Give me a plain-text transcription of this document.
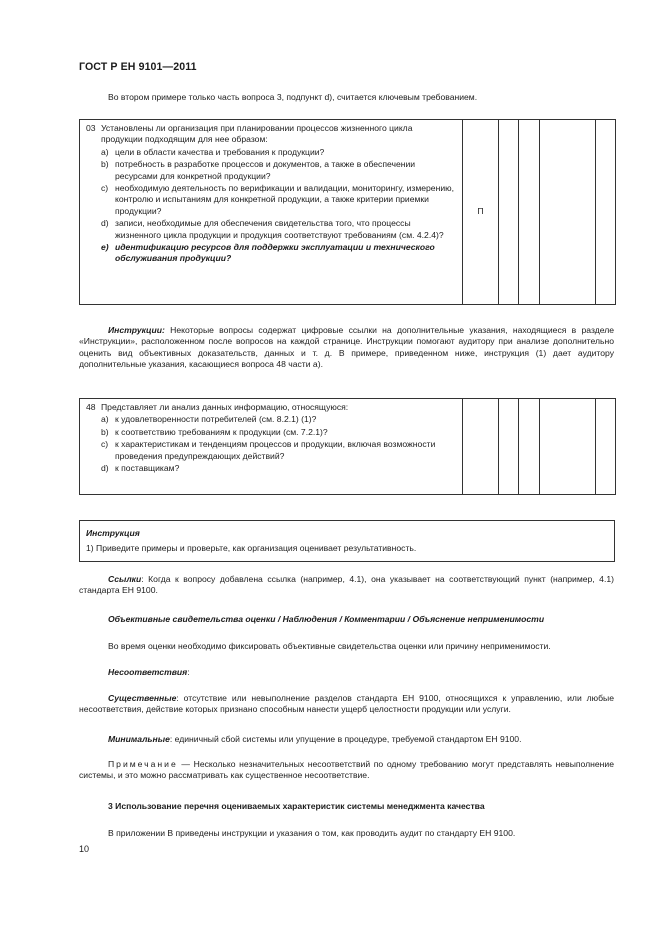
ГОСТ Р ЕН 9101—2011

Во втором примере только часть вопроса 3, подпункт d), считается ключевым требованием.

03 Установлены ли организация при планировании процессов жизненного цикла продукции подходящим для нее образом:
a) цели в области качества и требования к продукции?
b) потребность в разработке процессов и документов, а также в обеспечении ресурсами для конкретной продукции?
c) необходимую деятельность по верификации и валидации, мониторингу, измерению, контролю и испытаниям для конкретной продукции, а также критерии приемки продукции?
d) записи, необходимые для обеспечения свидетельства того, что процессы жизненного цикла продукции и продукция соответствуют требованиям (см. 4.2.4)?
e) идентификацию ресурсов для поддержки эксплуатации и технического обслуживания продукции?
	П				

Инструкции: Некоторые вопросы содержат цифровые ссылки на дополнительные указания, находящиеся в разделе «Инструкции», расположенном после вопросов на каждой странице. Инструкции помогают аудитору при анализе дополнительно оценить вид объективных доказательств, данных и т. д. В примере, приведенном ниже, инструкция (1) дает аудитору дополнительные указания, касающиеся вопроса 48 части a).

48 Представляет ли анализ данных информацию, относящуюся:
a) к удовлетворенности потребителей (см. 8.2.1) (1)?
b) к соответствию требованиям к продукции (см. 7.2.1)?
c) к характеристикам и тенденциям процессов и продукции, включая возможности проведения предупреждающих действий?
d) к поставщикам?

Инструкция
1) Приведите примеры и проверьте, как организация оценивает результативность.

Ссылки: Когда к вопросу добавлена ссылка (например, 4.1), она указывает на соответствующий пункт (например, 4.1) стандарта ЕН 9100.

Объективные свидетельства оценки / Наблюдения / Комментарии / Объяснение неприменимости

Во время оценки необходимо фиксировать объективные свидетельства оценки или причину неприменимости.

Несоответствия:

Существенные: отсутствие или невыполнение разделов стандарта ЕН 9100, относящихся к управлению, или любые несоответствия, действие которых признано способным нанести ущерб целостности продукции или услуги.

Минимальные: единичный сбой системы или упущение в процедуре, требуемой стандартом ЕН 9100.

Примечание — Несколько незначительных несоответствий по одному требованию могут представлять невыполнение системы, и это можно рассматривать как существенное несоответствие.

3 Использование перечня оцениваемых характеристик системы менеджмента качества

В приложении В приведены инструкции и указания о том, как проводить аудит по стандарту ЕН 9100.

10
